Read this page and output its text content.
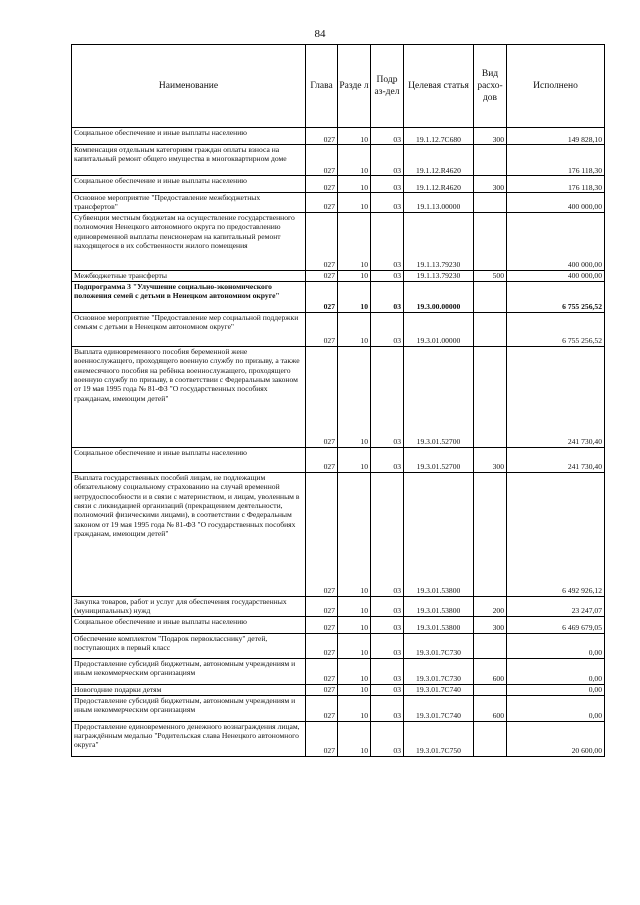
84
Наименование	Глава	Разде л	Подр аз-дел	Целевая статья	Вид расхо- дов	Исполнено
Социальное обеспечение и иные выплаты населению	027	10	03	19.1.12.7С680	300	149 828,10
Компенсация отдельным категориям граждан оплаты взноса на капитальный ремонт общего имущества в многоквартирном доме	027	10	03	19.1.12.R4620		176 118,30
Социальное обеспечение и иные выплаты населению	027	10	03	19.1.12.R4620	300	176 118,30
Основное мероприятие "Предоставление межбюджетных трансфертов"	027	10	03	19.1.13.00000		400 000,00
Субвенции местным бюджетам на осуществление государственного полномочия Ненецкого автономного округа по предоставлению единовременной выплаты пенсионерам на капитальный ремонт находящегося в их собственности жилого помещения	027	10	03	19.1.13.79230		400 000,00
Межбюджетные трансферты	027	10	03	19.1.13.79230	500	400 000,00
Подпрограмма 3 "Улучшение социально-экономического положения семей с детьми в Ненецком автономном округе"	027	10	03	19.3.00.00000		6 755 256,52
Основное мероприятие "Предоставление мер социальной поддержки семьям с детьми в Ненецком автономном округе"	027	10	03	19.3.01.00000		6 755 256,52
Выплата единовременного пособия беременной жене военнослужащего, проходящего военную службу по призыву, а также ежемесячного пособия на ребёнка военнослужащего, проходящего военную службу по призыву, в соответствии с Федеральным законом от 19 мая 1995 года № 81-ФЗ "О государственных пособиях гражданам, имеющим детей"	027	10	03	19.3.01.52700		241 730,40
Социальное обеспечение и иные выплаты населению	027	10	03	19.3.01.52700	300	241 730,40
Выплата государственных пособий лицам, не подлежащим обязательному социальному страхованию на случай временной нетрудоспособности и в связи с материнством, и лицам, уволенным в связи с ликвидацией организаций (прекращением деятельности, полномочий физическими лицами), в соответствии с Федеральным законом от 19 мая 1995 года № 81-ФЗ "О государственных пособиях гражданам, имеющим детей"	027	10	03	19.3.01.53800		6 492 926,12
Закупка товаров, работ и услуг для обеспечения государственных (муниципальных) нужд	027	10	03	19.3.01.53800	200	23 247,07
Социальное обеспечение и иные выплаты населению	027	10	03	19.3.01.53800	300	6 469 679,05
Обеспечение комплектом "Подарок первокласснику" детей, поступающих в первый класс	027	10	03	19.3.01.7С730		0,00
Предоставление субсидий бюджетным, автономным учреждениям и иным некоммерческим организациям	027	10	03	19.3.01.7С730	600	0,00
Новогодние подарки детям	027	10	03	19.3.01.7С740		0,00
Предоставление субсидий бюджетным, автономным учреждениям и иным некоммерческим организациям	027	10	03	19.3.01.7С740	600	0,00
Предоставление единовременного денежного вознаграждения лицам, награждённым медалью "Родительская слава Ненецкого автономного округа"	027	10	03	19.3.01.7С750		20 600,00
